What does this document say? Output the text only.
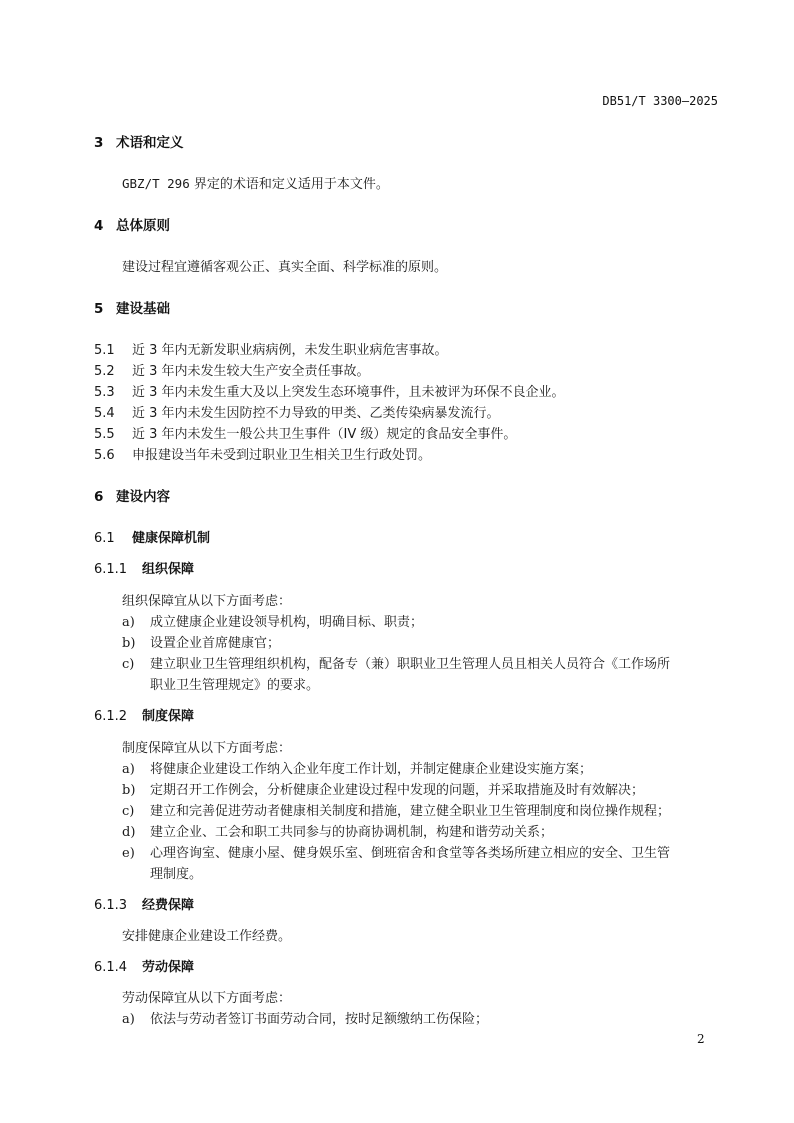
DB51/T 3300—2025
3 术语和定义
GBZ/T 296 界定的术语和定义适用于本文件。
4 总体原则
建设过程宜遵循客观公正、真实全面、科学标准的原则。
5 建设基础
5.1 近 3 年内无新发职业病病例，未发生职业病危害事故。
5.2 近 3 年内未发生较大生产安全责任事故。
5.3 近 3 年内未发生重大及以上突发生态环境事件，且未被评为环保不良企业。
5.4 近 3 年内未发生因防控不力导致的甲类、乙类传染病暴发流行。
5.5 近 3 年内未发生一般公共卫生事件（IV 级）规定的食品安全事件。
5.6 申报建设当年未受到过职业卫生相关卫生行政处罚。
6 建设内容
6.1 健康保障机制
6.1.1 组织保障
组织保障宜从以下方面考虑：
a) 成立健康企业建设领导机构，明确目标、职责；
b) 设置企业首席健康官；
c) 建立职业卫生管理组织机构，配备专（兼）职职业卫生管理人员且相关人员符合《工作场所
职业卫生管理规定》的要求。
6.1.2 制度保障
制度保障宜从以下方面考虑：
a) 将健康企业建设工作纳入企业年度工作计划，并制定健康企业建设实施方案；
b) 定期召开工作例会，分析健康企业建设过程中发现的问题，并采取措施及时有效解决；
c) 建立和完善促进劳动者健康相关制度和措施，建立健全职业卫生管理制度和岗位操作规程；
d) 建立企业、工会和职工共同参与的协商协调机制，构建和谐劳动关系；
e) 心理咨询室、健康小屋、健身娱乐室、倒班宿舍和食堂等各类场所建立相应的安全、卫生管
理制度。
6.1.3 经费保障
安排健康企业建设工作经费。
6.1.4 劳动保障
劳动保障宜从以下方面考虑：
a) 依法与劳动者签订书面劳动合同，按时足额缴纳工伤保险；
2
